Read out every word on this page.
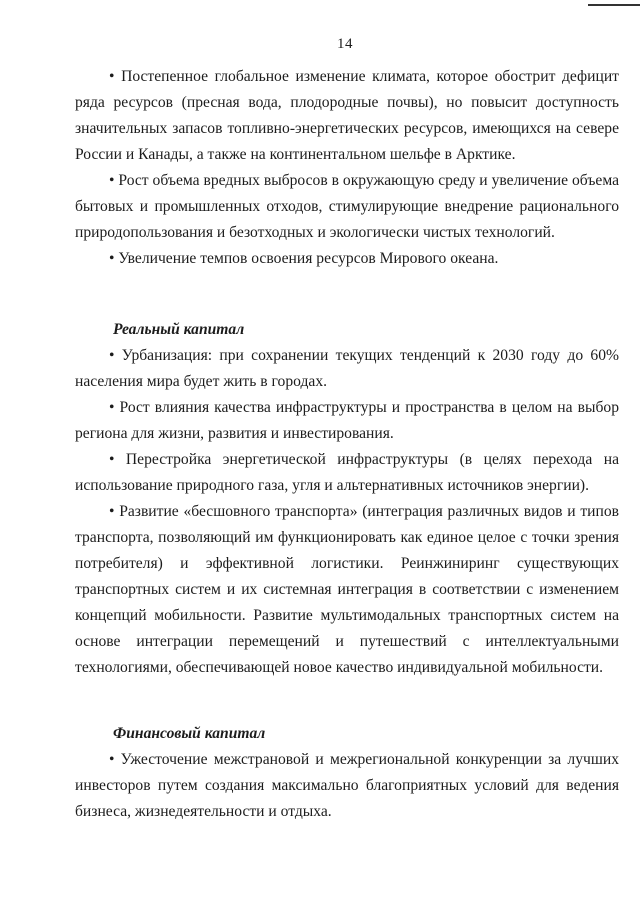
14

• Постепенное глобальное изменение климата, которое обострит дефицит ряда ресурсов (пресная вода, плодородные почвы), но повысит доступность значительных запасов топливно-энергетических ресурсов, имеющихся на севере России и Канады, а также на континентальном шельфе в Арктике.

• Рост объема вредных выбросов в окружающую среду и увеличение объема бытовых и промышленных отходов, стимулирующие внедрение рационального природопользования и безотходных и экологически чистых технологий.

• Увеличение темпов освоения ресурсов Мирового океана.

Реальный капитал

• Урбанизация: при сохранении текущих тенденций к 2030 году до 60% населения мира будет жить в городах.

• Рост влияния качества инфраструктуры и пространства в целом на выбор региона для жизни, развития и инвестирования.

• Перестройка энергетической инфраструктуры (в целях перехода на использование природного газа, угля и альтернативных источников энергии).

• Развитие «бесшовного транспорта» (интеграция различных видов и типов транспорта, позволяющий им функционировать как единое целое с точки зрения потребителя) и эффективной логистики. Реинжиниринг существующих транспортных систем и их системная интеграция в соответствии с изменением концепций мобильности. Развитие мультимодальных транспортных систем на основе интеграции перемещений и путешествий с интеллектуальными технологиями, обеспечивающей новое качество индивидуальной мобильности.

Финансовый капитал

• Ужесточение межстрановой и межрегиональной конкуренции за лучших инвесторов путем создания максимально благоприятных условий для ведения бизнеса, жизнедеятельности и отдыха.
